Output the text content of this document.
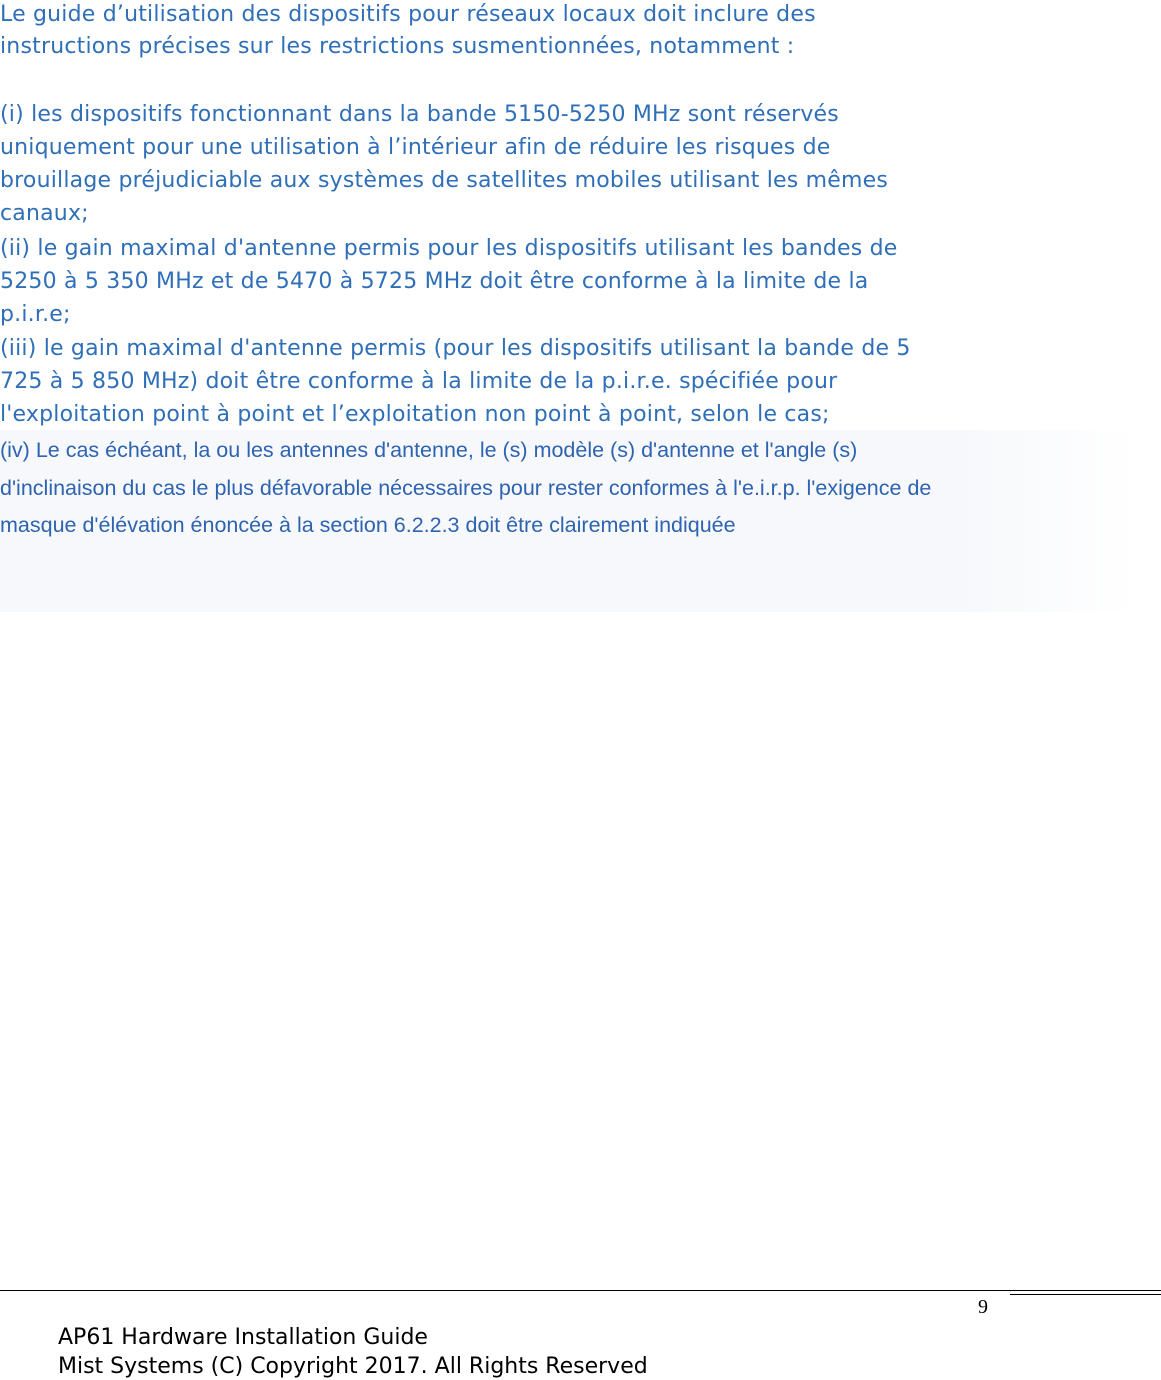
Le guide d’utilisation des dispositifs pour réseaux locaux doit inclure des
instructions précises sur les restrictions susmentionnées, notamment :
(i) les dispositifs fonctionnant dans la bande 5150-5250 MHz sont réservés
uniquement pour une utilisation à l’intérieur afin de réduire les risques de
brouillage préjudiciable aux systèmes de satellites mobiles utilisant les mêmes
canaux;
(ii) le gain maximal d'antenne permis pour les dispositifs utilisant les bandes de
5250 à 5 350 MHz et de 5470 à 5725 MHz doit être conforme à la limite de la
p.i.r.e;
(iii) le gain maximal d'antenne permis (pour les dispositifs utilisant la bande de 5
725 à 5 850 MHz) doit être conforme à la limite de la p.i.r.e. spécifiée pour
l'exploitation point à point et l’exploitation non point à point, selon le cas;
(iv) Le cas échéant, la ou les antennes d'antenne, le (s) modèle (s) d'antenne et l'angle (s)
d'inclinaison du cas le plus défavorable nécessaires pour rester conformes à l'e.i.r.p. l'exigence de
masque d'élévation énoncée à la section 6.2.2.3 doit être clairement indiquée
9
AP61 Hardware Installation Guide
Mist Systems (C) Copyright 2017. All Rights Reserved
